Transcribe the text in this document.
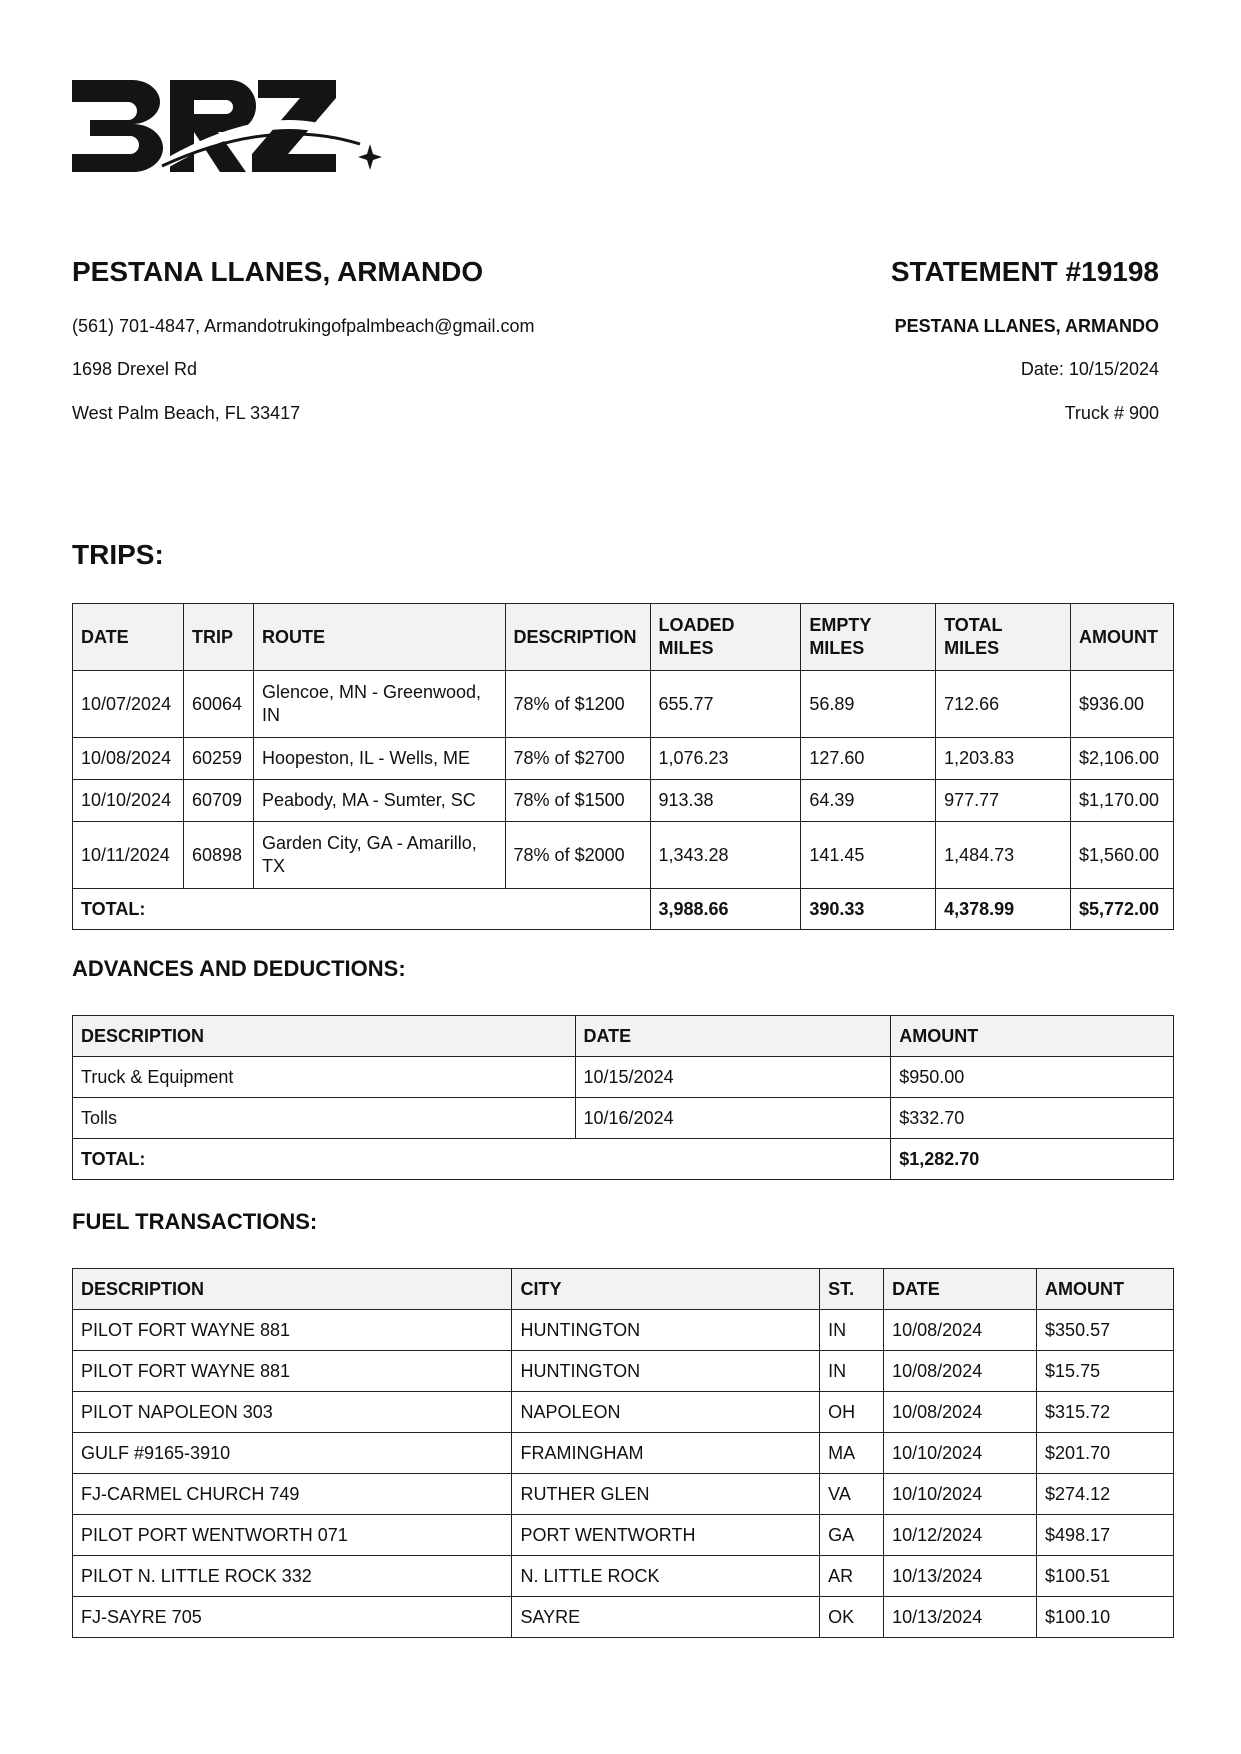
PESTANA LLANES, ARMANDO
(561) 701-4847, Armandotrukingofpalmbeach@gmail.com
1698 Drexel Rd
West Palm Beach, FL 33417
STATEMENT #19198
PESTANA LLANES, ARMANDO
Date: 10/15/2024
Truck # 900
TRIPS:
DATE	TRIP	ROUTE	DESCRIPTION	LOADED MILES	EMPTY MILES	TOTAL MILES	AMOUNT
10/07/2024	60064	Glencoe, MN - Greenwood, IN	78% of $1200	655.77	56.89	712.66	$936.00
10/08/2024	60259	Hoopeston, IL - Wells, ME	78% of $2700	1,076.23	127.60	1,203.83	$2,106.00
10/10/2024	60709	Peabody, MA - Sumter, SC	78% of $1500	913.38	64.39	977.77	$1,170.00
10/11/2024	60898	Garden City, GA - Amarillo, TX	78% of $2000	1,343.28	141.45	1,484.73	$1,560.00
TOTAL:				3,988.66	390.33	4,378.99	$5,772.00
ADVANCES AND DEDUCTIONS:
DESCRIPTION	DATE	AMOUNT
Truck & Equipment	10/15/2024	$950.00
Tolls	10/16/2024	$332.70
TOTAL:		$1,282.70
FUEL TRANSACTIONS:
DESCRIPTION	CITY	ST.	DATE	AMOUNT
PILOT FORT WAYNE 881	HUNTINGTON	IN	10/08/2024	$350.57
PILOT FORT WAYNE 881	HUNTINGTON	IN	10/08/2024	$15.75
PILOT NAPOLEON 303	NAPOLEON	OH	10/08/2024	$315.72
GULF #9165-3910	FRAMINGHAM	MA	10/10/2024	$201.70
FJ-CARMEL CHURCH 749	RUTHER GLEN	VA	10/10/2024	$274.12
PILOT PORT WENTWORTH 071	PORT WENTWORTH	GA	10/12/2024	$498.17
PILOT N. LITTLE ROCK 332	N. LITTLE ROCK	AR	10/13/2024	$100.51
FJ-SAYRE 705	SAYRE	OK	10/13/2024	$100.10
